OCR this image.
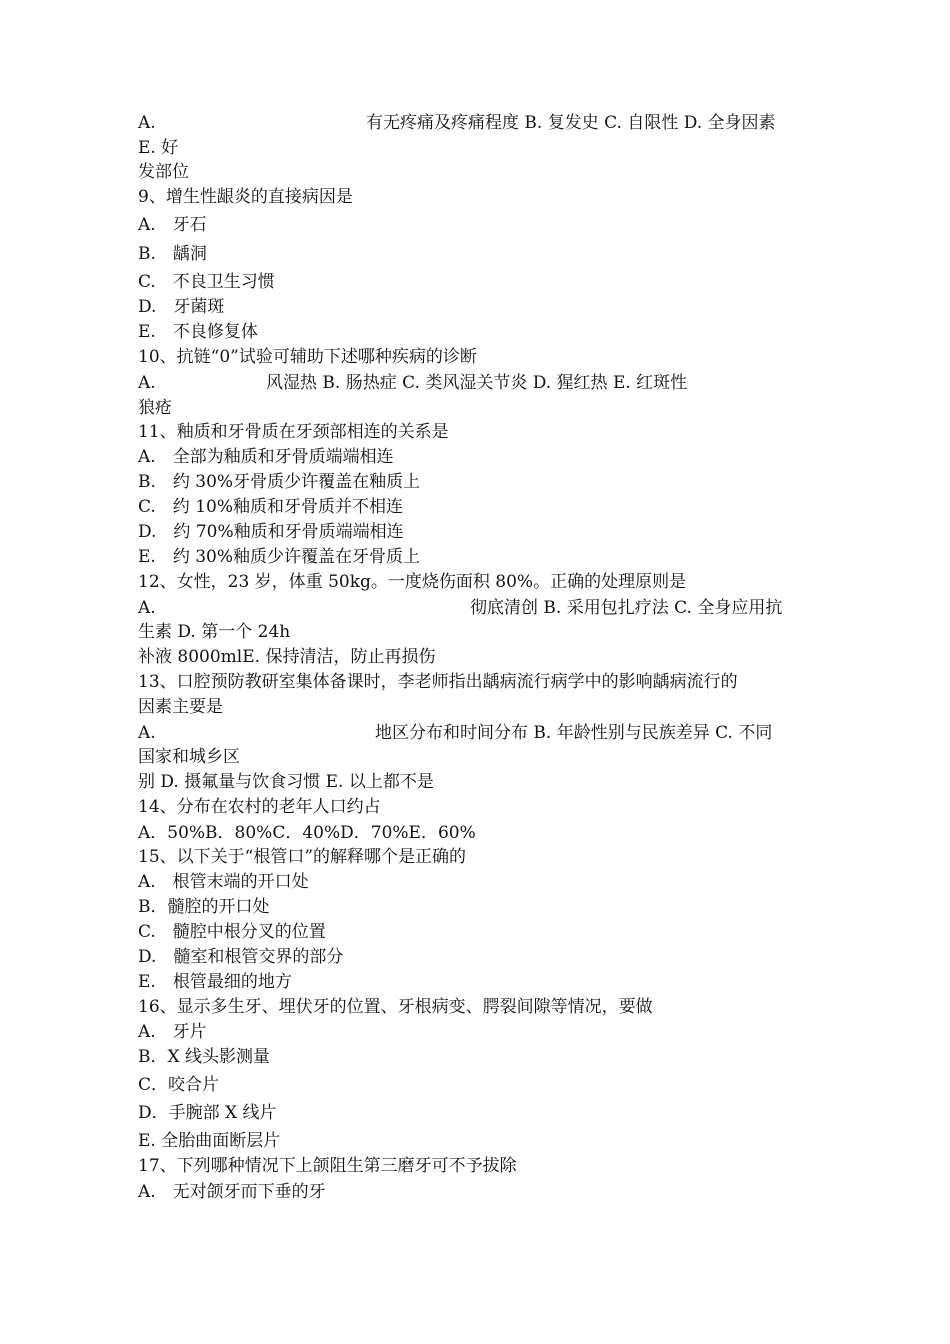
A.	有无疼痛及疼痛程度 B. 复发史 C. 自限性 D. 全身因素

E. 好

发部位

9、增生性龈炎的直接病因是

A.　牙石

B.　龋洞

C.　不良卫生习惯

D.　牙菌斑

E.　不良修复体

10、抗链“0”试验可辅助下述哪种疾病的诊断

A.	风湿热 B. 肠热症 C. 类风湿关节炎 D. 猩红热 E. 红斑性

狼疮

11、釉质和牙骨质在牙颈部相连的关系是

A.　全部为釉质和牙骨质端端相连

B.　约 30%牙骨质少许覆盖在釉质上

C.　约 10%釉质和牙骨质并不相连

D.　约 70%釉质和牙骨质端端相连

E.　约 30%釉质少许覆盖在牙骨质上

12、女性，23 岁，体重 50kg。一度烧伤面积 80%。正确的处理原则是

A.	彻底清创 B. 采用包扎疗法 C. 全身应用抗

生素 D. 第一个 24h

补液 8000mlE. 保持清洁，防止再损伤

13、口腔预防教研室集体备课时，李老师指出龋病流行病学中的影响龋病流行的

因素主要是

A.	地区分布和时间分布 B. 年龄性别与民族差异 C. 不同

国家和城乡区

别 D. 摄氟量与饮食习惯 E. 以上都不是

14、分布在农村的老年人口约占

A．50%B．80%C．40%D．70%E．60%

15、以下关于“根管口”的解释哪个是正确的

A.　根管末端的开口处

B．髓腔的开口处

C.　髓腔中根分叉的位置

D.　髓室和根管交界的部分

E.　根管最细的地方

16、显示多生牙、埋伏牙的位置、牙根病变、腭裂间隙等情况，要做

A.　牙片

B．X 线头影测量

C．咬合片

D．手腕部 X 线片

E. 全胎曲面断层片

17、下列哪种情况下上颌阻生第三磨牙可不予拔除

A.　无对颌牙而下垂的牙
